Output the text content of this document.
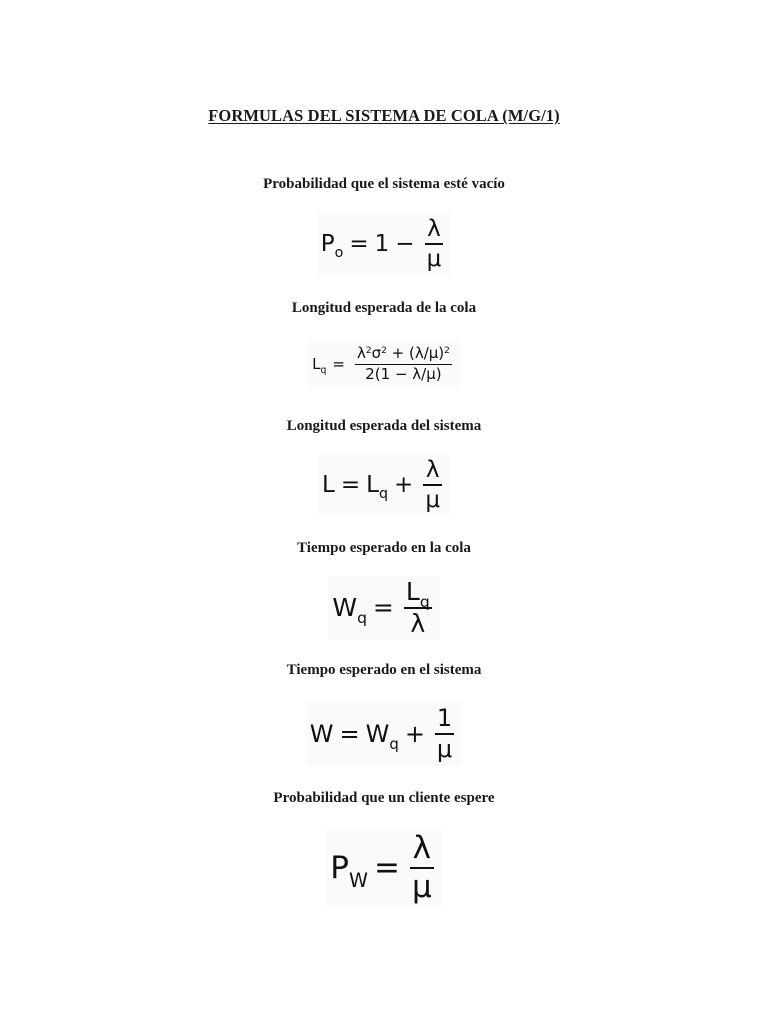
FORMULAS DEL SISTEMA DE COLA (M/G/1)
Probabilidad que el sistema esté vacío
$P_o = 1 - \frac{\lambda}{\mu}$
Longitud esperada de la cola
$L_q = \frac{\lambda^2\sigma^2 + (\lambda/\mu)^2}{2(1 - \lambda/\mu)}$
Longitud esperada del sistema
$L = L_q + \frac{\lambda}{\mu}$
Tiempo esperado en la cola
$W_q = \frac{L_q}{\lambda}$
Tiempo esperado en el sistema
$W = W_q + \frac{1}{\mu}$
Probabilidad que un cliente espere
$P_W = \frac{\lambda}{\mu}$
